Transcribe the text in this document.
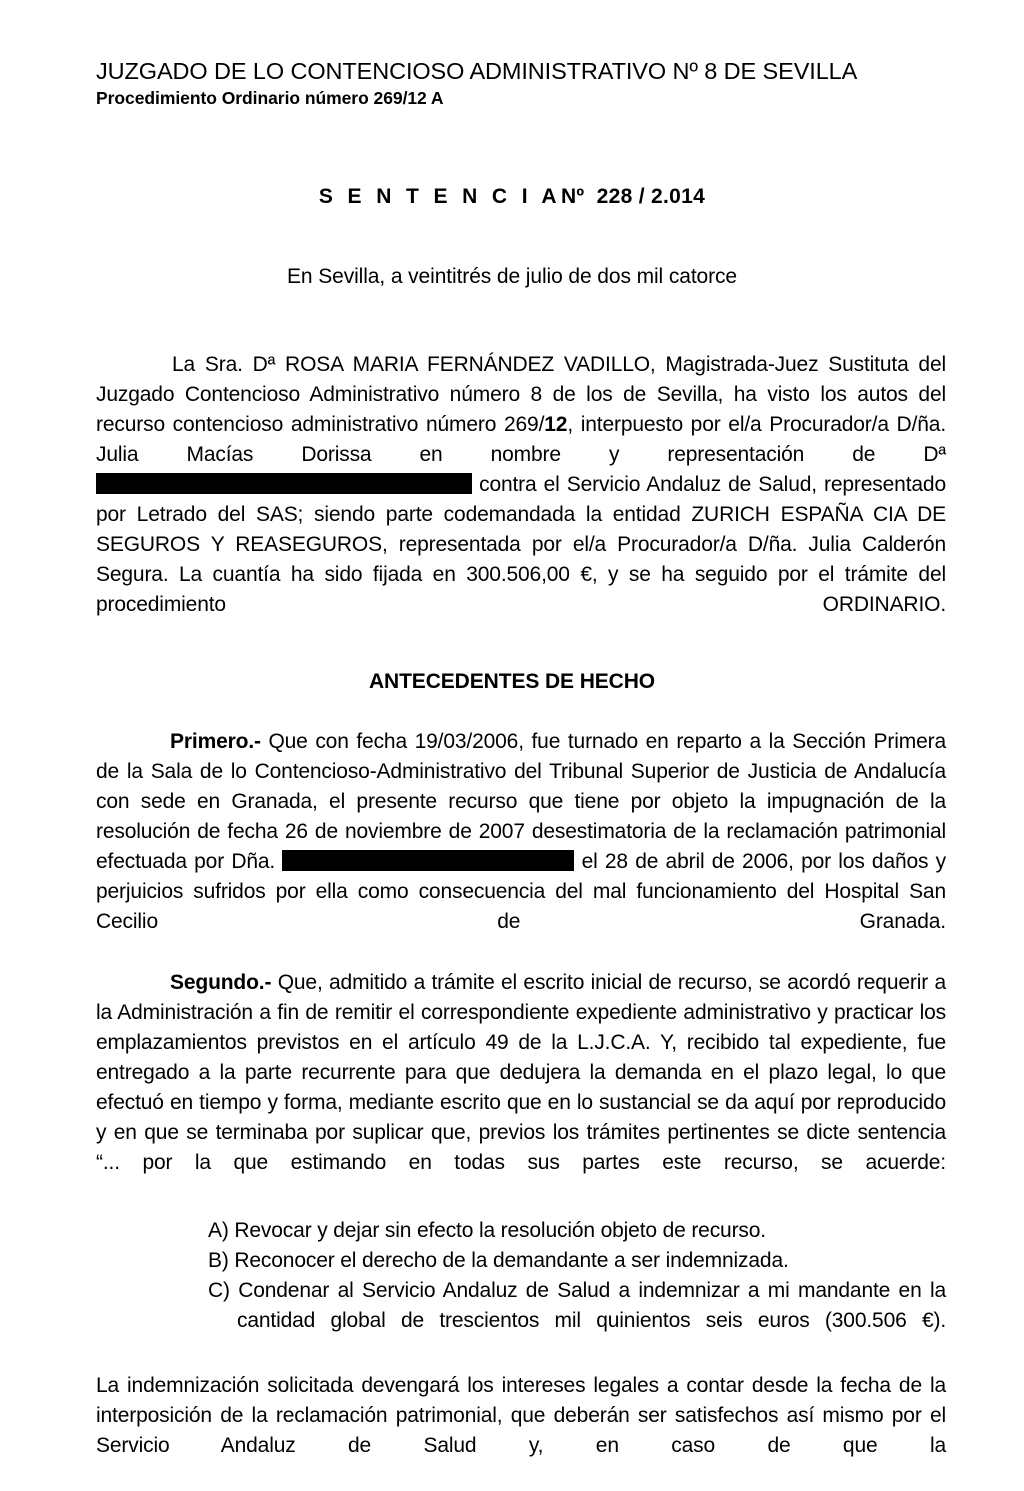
JUZGADO DE LO CONTENCIOSO ADMINISTRATIVO Nº 8 DE SEVILLA
Procedimiento Ordinario número 269/12 A
S E N T E N C I ANº 228 / 2.014
En Sevilla, a veintitrés de julio de dos mil catorce

La Sra. Dª ROSA MARIA FERNÁNDEZ VADILLO, Magistrada-Juez Sustituta del Juzgado Contencioso Administrativo número 8 de los de Sevilla, ha visto los autos del recurso contencioso administrativo número 269/12, interpuesto por el/a Procurador/a D/ña. Julia Macías Dorissa en nombre y representación de Dª  contra el Servicio Andaluz de Salud, representado por Letrado del SAS; siendo parte codemandada la entidad ZURICH ESPAÑA CIA DE SEGUROS Y REASEGUROS, representada por el/a Procurador/a D/ña. Julia Calderón Segura. La cuantía ha sido fijada en 300.506,00 €, y se ha seguido por el trámite del procedimiento ORDINARIO.

ANTECEDENTES DE HECHO

Primero.- Que con fecha 19/03/2006, fue turnado en reparto a la Sección Primera de la Sala de lo Contencioso-Administrativo del Tribunal Superior de Justicia de Andalucía con sede en Granada, el presente recurso que tiene por objeto la impugnación de la resolución de fecha 26 de noviembre de 2007 desestimatoria de la reclamación patrimonial efectuada por Dña.	el 28 de abril de 2006, por los daños y perjuicios sufridos por ella como consecuencia del mal funcionamiento del Hospital San Cecilio de Granada.

Segundo.- Que, admitido a trámite el escrito inicial de recurso, se acordó requerir a la Administración a fin de remitir el correspondiente expediente administrativo y practicar los emplazamientos previstos en el artículo 49 de la L.J.C.A. Y, recibido tal expediente, fue entregado a la parte recurrente para que dedujera la demanda en el plazo legal, lo que efectuó en tiempo y forma, mediante escrito que en lo sustancial se da aquí por reproducido y en que se terminaba por suplicar que, previos los trámites pertinentes se dicte sentencia “... por la que estimando en todas sus partes este recurso, se acuerde:

A) Revocar y dejar sin efecto la resolución objeto de recurso.

B) Reconocer el derecho de la demandante a ser indemnizada.

C) Condenar al Servicio Andaluz de Salud a indemnizar a mi mandante en la cantidad global de trescientos mil quinientos seis euros (300.506 €).

La indemnización solicitada devengará los intereses legales a contar desde la fecha de la interposición de la reclamación patrimonial, que deberán ser satisfechos así mismo por el Servicio Andaluz de Salud y, en caso de que la
